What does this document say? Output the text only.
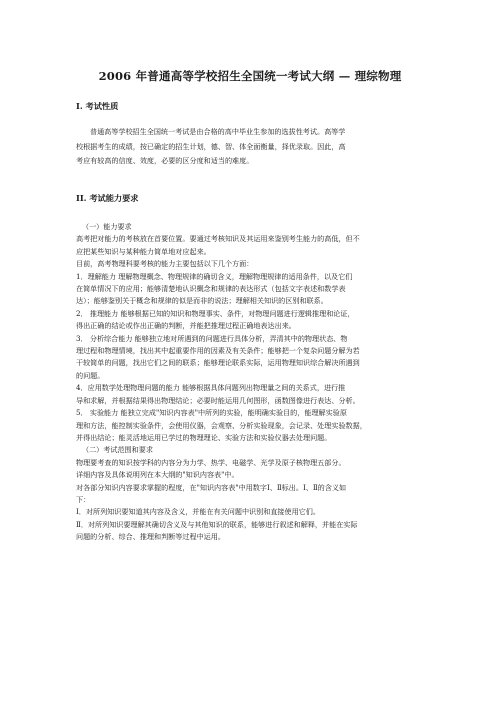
2006 年普通高等学校招生全国统一考试大纲 — 理综物理
I. 考试性质
普通高等学校招生全国统一考试是由合格的高中毕业生参加的选拔性考试。高等学
校根据考生的成绩，按已确定的招生计划，德、智、体全面衡量，择优录取。因此，高
考应有较高的信度、效度，必要的区分度和适当的难度。
II. 考试能力要求
（一）能力要求
高考把对能力的考核放在首要位置。要通过考核知识及其运用来鉴别考生能力的高低，但不
应把某些知识与某种能力简单地对应起来。
目前，高考物理科要考核的能力主要包括以下几个方面：
1．理解能力 理解物理概念、物理规律的确切含义，理解物理规律的适用条件，以及它们
在简单情况下的应用；能够清楚地认识概念和规律的表达形式（包括文字表述和数学表
达）；能够鉴别关于概念和规律的似是而非的说法；理解相关知识的区别和联系。
2． 推理能力 能够根据已知的知识和物理事实、条件，对物理问题进行逻辑推理和论证，
得出正确的结论或作出正确的判断，并能把推理过程正确地表达出来。
3． 分析综合能力 能够独立地对所遇到的问题进行具体分析，弄清其中的物理状态、物
理过程和物理情境，找出其中起重要作用的因素及有关条件；能够把一个复杂问题分解为若
干较简单的问题，找出它们之间的联系；能够理论联系实际，运用物理知识综合解决所遇到
的问题。
4．应用数学处理物理问题的能力 能够根据具体问题列出物理量之间的关系式，进行推
导和求解，并根据结果得出物理结论；必要时能运用几何图形，函数图像进行表达、分析。
5． 实验能力 能独立完成"知识内容表"中所列的实验，能明确实验目的，能理解实验原
理和方法，能控制实验条件，会使用仪器，会观察、分析实验现象，会记录、处理实验数据，
并得出结论；能灵活地运用已学过的物理理论、实验方法和实验仪器去处理问题。
（二）考试范围和要求
物理要考查的知识按学科的内容分为力学、热学、电磁学、光学及原子核物理五部分。
详细内容及具体说明列在本大纲的"知识内容表"中。
对各部分知识内容要求掌握的程度，在"知识内容表"中用数字Ⅰ、Ⅱ标出。Ⅰ、Ⅱ的含义如
下：
Ⅰ．对所列知识要知道其内容及含义，并能在有关问题中识别和直接使用它们。
Ⅱ．对所列知识要理解其确切含义及与其他知识的联系，能够进行叙述和解释，并能在实际
问题的分析、综合、推理和判断等过程中运用。
